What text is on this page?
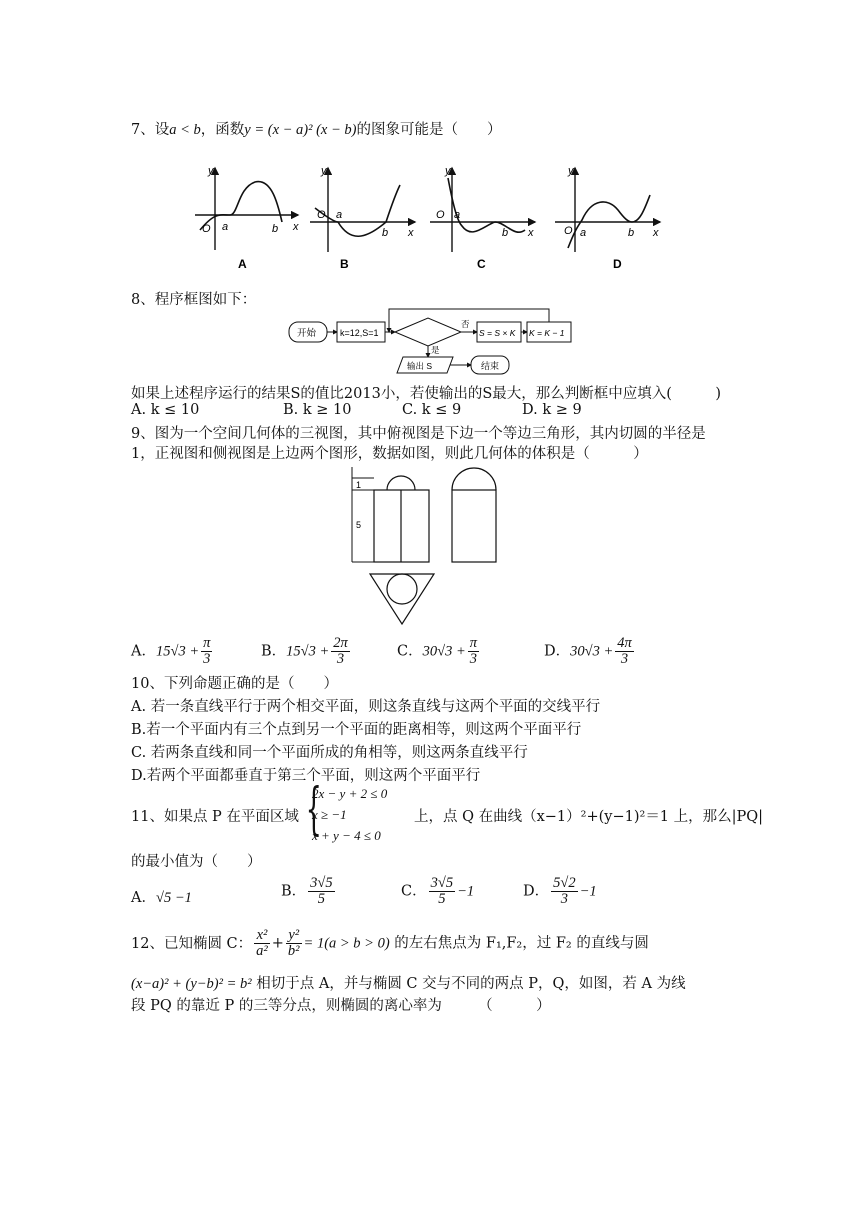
7、设a < b，函数y = (x − a)² (x − b)的图象可能是（　　）
y
x
O a	b
A
y
x
O a
b
B
y
x
O a
b
C
y
x
O a	b
D
8、程序框图如下：
开始	k=12,S=1
否
S = S × K K = K − 1
是
输出 S	结束
如果上述程序运行的结果S的值比2013小，若使输出的S最大，那么判断框中应填入(　　　)
A. k ≤ 10	B. k ≥ 10	C. k ≤ 9	D. k ≥ 9
9、图为一个空间几何体的三视图，其中俯视图是下边一个等边三角形，其内切圆的半径是
1，正视图和侧视图是上边两个图形，数据如图，则此几何体的体积是（　　　）
1
5
A．$15√3 + \frac{\pi}{3}$	B．$15√3 + \frac{2\pi}{3}$	C．$30√3 + \frac{\pi}{3}$	D．$30√3 + \frac{4\pi}{3}$
10、下列命题正确的是（　　）
A. 若一条直线平行于两个相交平面，则这条直线与这两个平面的交线平行
B.若一个平面内有三个点到另一个平面的距离相等，则这两个平面平行
C. 若两条直线和同一个平面所成的角相等，则这两条直线平行
D.若两个平面都垂直于第三个平面，则这两个平面平行
11、如果点 P 在平面区域 {
2x − y + 2 ≤ 0
x ≥ −1
x + y − 4 ≤ 0
上，点 Q 在曲线（x−1）²+(y−1)²＝1 上，那么|PQ|
的最小值为（　　）
A．√5 −1	B． $\frac{3√5}{5}$	C． $\frac{3√5}{5} -1$	D． $\frac{5√2}{3} -1$
12、已知椭圆 C： $\frac{\text{x²}}{\text{a²}} + \frac{\text{y²}}{\text{b²}} = 1(a > b > 0)$ 的左右焦点为 F₁,F₂，过 F₂ 的直线与圆
(x−a)² + (y−b)² = b² 相切于点 A，并与椭圆 C 交与不同的两点 P，Q，如图，若 A 为线
段 PQ 的靠近 P 的三等分点，则椭圆的离心率为　　　（　　　）
